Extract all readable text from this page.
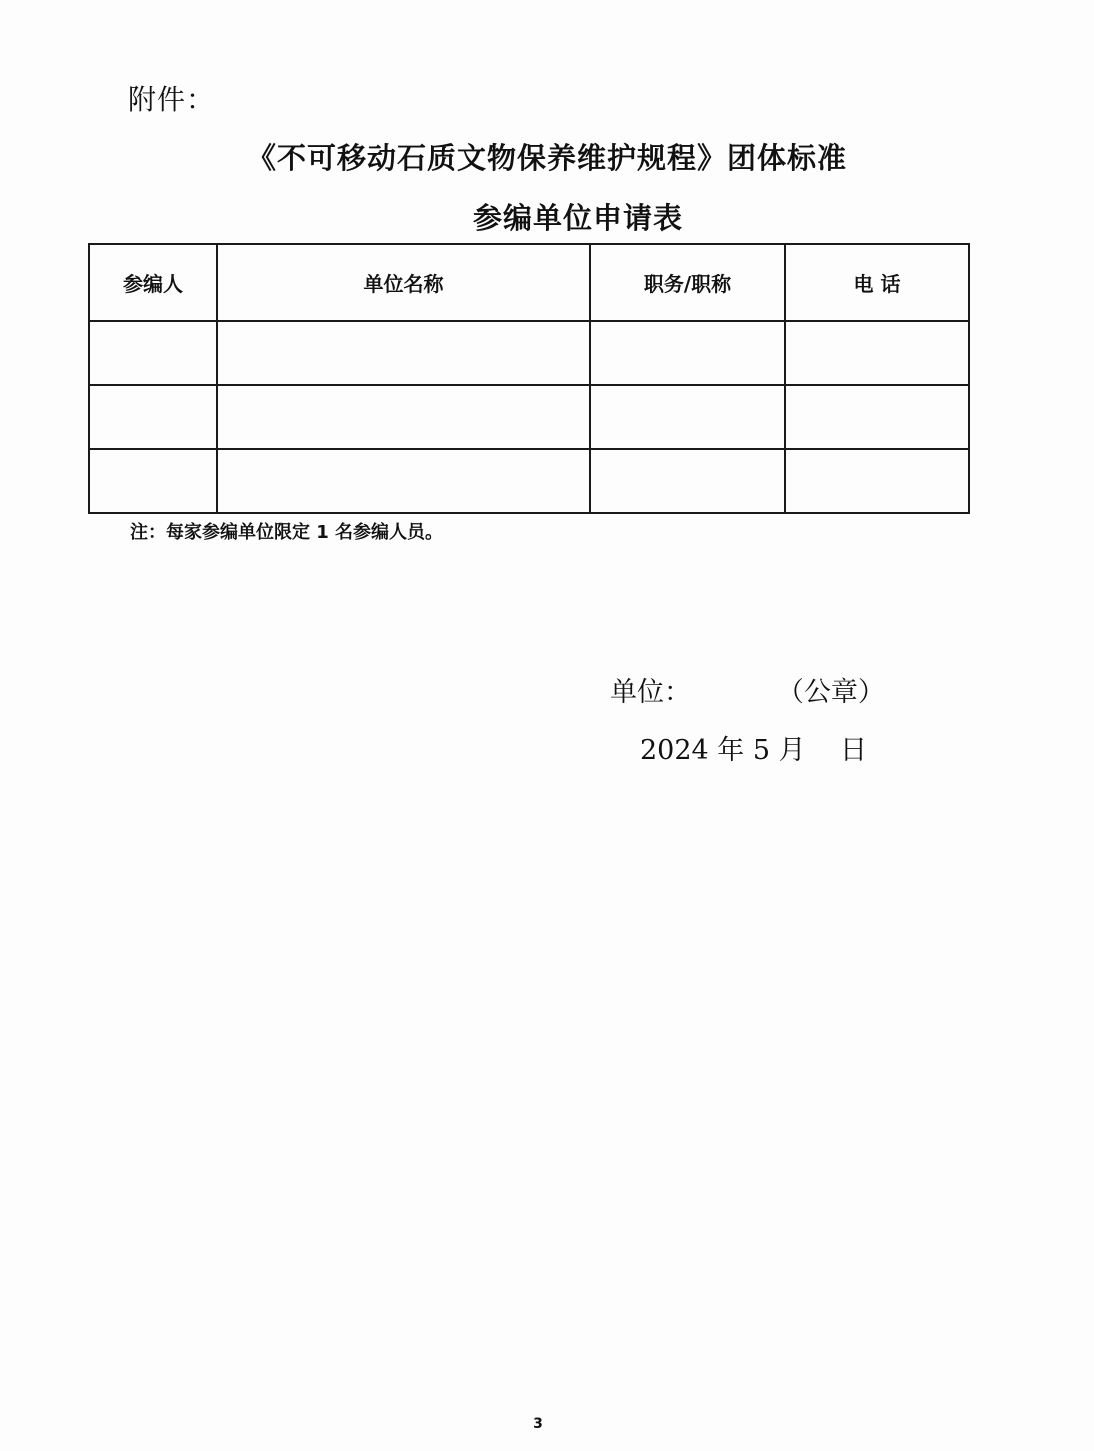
附件：
《不可移动石质文物保养维护规程》团体标准
参编单位申请表
参编人	单位名称	职务/职称	电 话

注：每家参编单位限定 1 名参编人员。
单位：          （公章）
2024 年 5 月    日
3
